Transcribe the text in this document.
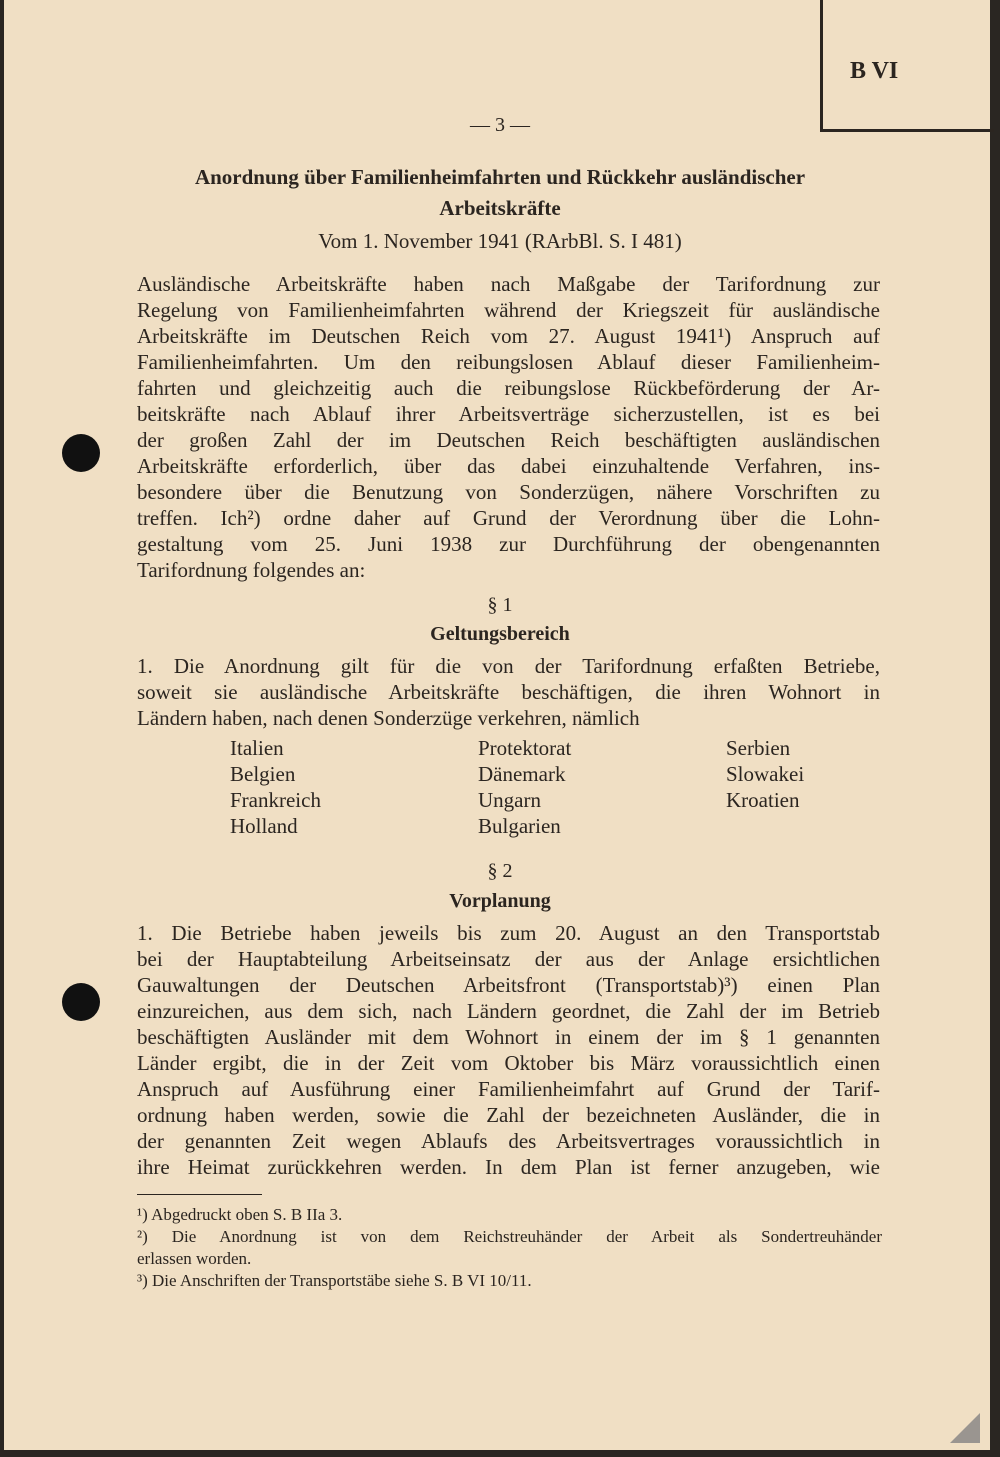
B VI
— 3 —
Anordnung über Familienheimfahrten und Rückkehr ausländischer
Arbeitskräfte
Vom 1. November 1941 (RArbBl. S. I 481)
Ausländische Arbeitskräfte haben nach Maßgabe der Tarifordnung zur
Regelung von Familienheimfahrten während der Kriegszeit für ausländische
Arbeitskräfte im Deutschen Reich vom 27. August 1941¹) Anspruch auf
Familienheimfahrten. Um den reibungslosen Ablauf dieser Familienheim-
fahrten und gleichzeitig auch die reibungslose Rückbeförderung der Ar-
beitskräfte nach Ablauf ihrer Arbeitsverträge sicherzustellen, ist es bei
der großen Zahl der im Deutschen Reich beschäftigten ausländischen
Arbeitskräfte erforderlich, über das dabei einzuhaltende Verfahren, ins-
besondere über die Benutzung von Sonderzügen, nähere Vorschriften zu
treffen. Ich²) ordne daher auf Grund der Verordnung über die Lohn-
gestaltung vom 25. Juni 1938 zur Durchführung der obengenannten
Tarifordnung folgendes an:
§ 1
Geltungsbereich
1. Die Anordnung gilt für die von der Tarifordnung erfaßten Betriebe,
soweit sie ausländische Arbeitskräfte beschäftigen, die ihren Wohnort in
Ländern haben, nach denen Sonderzüge verkehren, nämlich
Italien
Belgien
Frankreich
Holland
Protektorat
Dänemark
Ungarn
Bulgarien
Serbien
Slowakei
Kroatien
§ 2
Vorplanung
1. Die Betriebe haben jeweils bis zum 20. August an den Transportstab
bei der Hauptabteilung Arbeitseinsatz der aus der Anlage ersichtlichen
Gauwaltungen der Deutschen Arbeitsfront (Transportstab)³) einen Plan
einzureichen, aus dem sich, nach Ländern geordnet, die Zahl der im Betrieb
beschäftigten Ausländer mit dem Wohnort in einem der im § 1 genannten
Länder ergibt, die in der Zeit vom Oktober bis März voraussichtlich einen
Anspruch auf Ausführung einer Familienheimfahrt auf Grund der Tarif-
ordnung haben werden, sowie die Zahl der bezeichneten Ausländer, die in
der genannten Zeit wegen Ablaufs des Arbeitsvertrages voraussichtlich in
ihre Heimat zurückkehren werden. In dem Plan ist ferner anzugeben, wie
¹) Abgedruckt oben S. B IIa 3.
²) Die Anordnung ist von dem Reichstreuhänder der Arbeit als Sondertreuhänder
erlassen worden.
³) Die Anschriften der Transportstäbe siehe S. B VI 10/11.
